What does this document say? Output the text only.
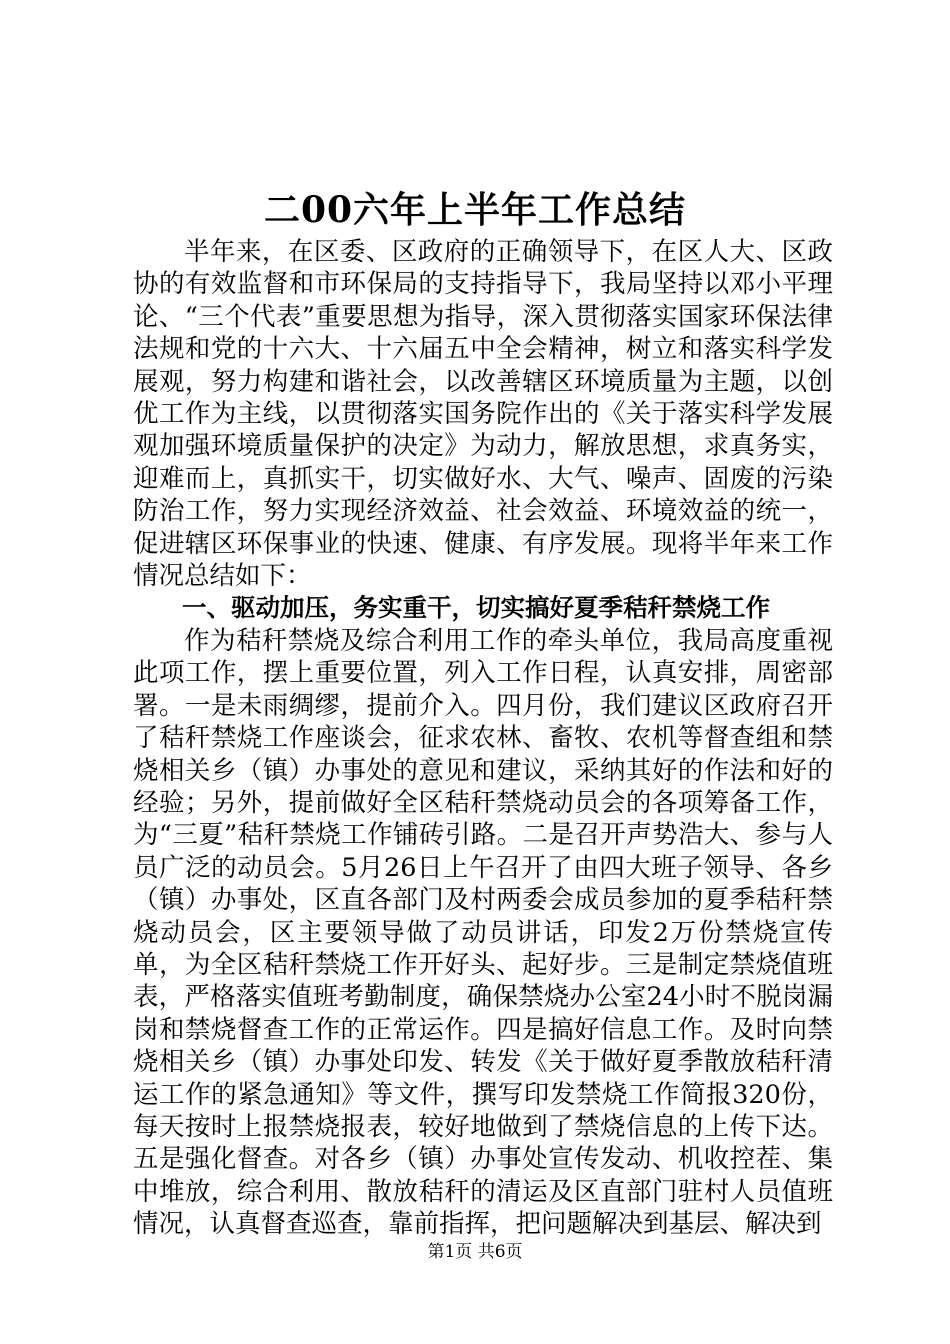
二00六年上半年工作总结

半年来，在区委、区政府的正确领导下，在区人大、区政协的有效监督和市环保局的支持指导下，我局坚持以邓小平理论、“三个代表”重要思想为指导，深入贯彻落实国家环保法律法规和党的十六大、十六届五中全会精神，树立和落实科学发展观，努力构建和谐社会，以改善辖区环境质量为主题，以创优工作为主线，以贯彻落实国务院作出的《关于落实科学发展观加强环境质量保护的决定》为动力，解放思想，求真务实，迎难而上，真抓实干，切实做好水、大气、噪声、固废的污染防治工作，努力实现经济效益、社会效益、环境效益的统一，促进辖区环保事业的快速、健康、有序发展。现将半年来工作情况总结如下：

一、驱动加压，务实重干，切实搞好夏季秸秆禁烧工作

作为秸秆禁烧及综合利用工作的牵头单位，我局高度重视此项工作，摆上重要位置，列入工作日程，认真安排，周密部署。一是未雨绸缪，提前介入。四月份，我们建议区政府召开了秸秆禁烧工作座谈会，征求农林、畜牧、农机等督查组和禁烧相关乡（镇）办事处的意见和建议，采纳其好的作法和好的经验；另外，提前做好全区秸秆禁烧动员会的各项筹备工作，为“三夏”秸秆禁烧工作铺砖引路。二是召开声势浩大、参与人员广泛的动员会。5月26日上午召开了由四大班子领导、各乡（镇）办事处，区直各部门及村两委会成员参加的夏季秸秆禁烧动员会，区主要领导做了动员讲话，印发2万份禁烧宣传单，为全区秸秆禁烧工作开好头、起好步。三是制定禁烧值班表，严格落实值班考勤制度，确保禁烧办公室24小时不脱岗漏岗和禁烧督查工作的正常运作。四是搞好信息工作。及时向禁烧相关乡（镇）办事处印发、转发《关于做好夏季散放秸秆清运工作的紧急通知》等文件，撰写印发禁烧工作简报320份，每天按时上报禁烧报表，较好地做到了禁烧信息的上传下达。五是强化督查。对各乡（镇）办事处宣传发动、机收控茬、集中堆放，综合利用、散放秸秆的清运及区直部门驻村人员值班情况，认真督查巡查，靠前指挥，把问题解决到基层、解决到

第1页 共6页
